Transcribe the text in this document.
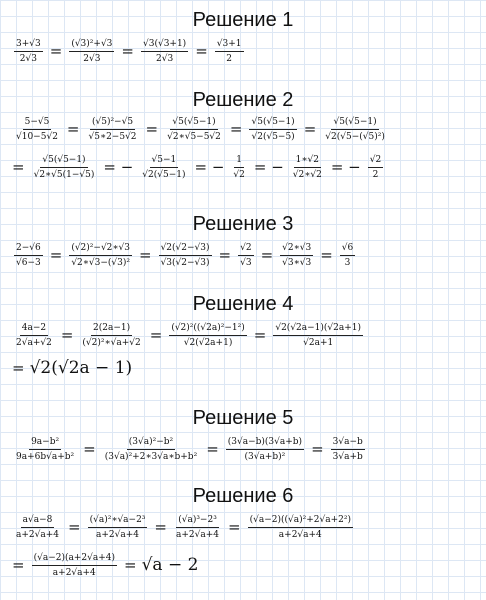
Решение 1
$\frac{3+√3}{2√3} = \frac{\text{(√3)²+√3}}{2√3} = \frac{√3(√3+1)}{2√3} = \frac{√3+1}{2}$
Решение 2
$\frac{5-√5}{√10-5√2} = \frac{\text{(√5)²−√5}}{√5∗2-5√2} = \frac{√5(√5-1)}{√2∗√5-5√2} = \frac{√5(√5-1)}{√2(√5-5)} = \frac{√5(√5-1)}{\text{√2(√5−(√5)²)}}$
= $\frac{√5(√5-1)}{√2∗√5(1-√5)}$ = − $\frac{√5-1}{√2(√5-1)}$ = − $\frac{1}{√2}$ = − $\frac{1∗√2}{√2∗√2}$ = − $\frac{√2}{2}$
Решение 3
$\frac{2-√6}{√6-3} = \frac{\text{(√2)²−√2∗√3}}{\text{√2∗√3−(√3)²}} = \frac{√2(√2-√3)}{√3(√2-√3)} = \frac{√2}{√3} = \frac{√2∗√3}{√3∗√3} = \frac{√6}{3}$
Решение 4
$\frac{4a-2}{2√a+√2} = \frac{2(2a-1)}{\text{(√2)²∗√a+√2}} = \frac{\text{(√2)²((√2a)²−1²)}}{√2(√2a+1)} = \frac{√2(√2a-1)(√2a+1)}{√2a+1}$
= √2(√2a − 1)
Решение 5
$\frac{\text{9a−b²}}{\text{9a+6b√a+b²}} = \frac{\text{(3√a)²−b²}}{\text{(3√a)²+2∗3√a∗b+b²}} = \frac{(3√a-b)(3√a+b)}{\text{(3√a+b)²}} = \frac{3√a-b}{3√a+b}$
Решение 6
$\frac{a√a-8}{a+2√a+4} = \frac{\text{(√a)²∗√a−2³}}{a+2√a+4} = \frac{\text{(√a)³−2³}}{a+2√a+4} = \frac{\text{(√a−2)((√a)²+2√a+2²)}}{a+2√a+4}$
= $\frac{(√a-2)(a+2√a+4)}{a+2√a+4} = √a - 2$
